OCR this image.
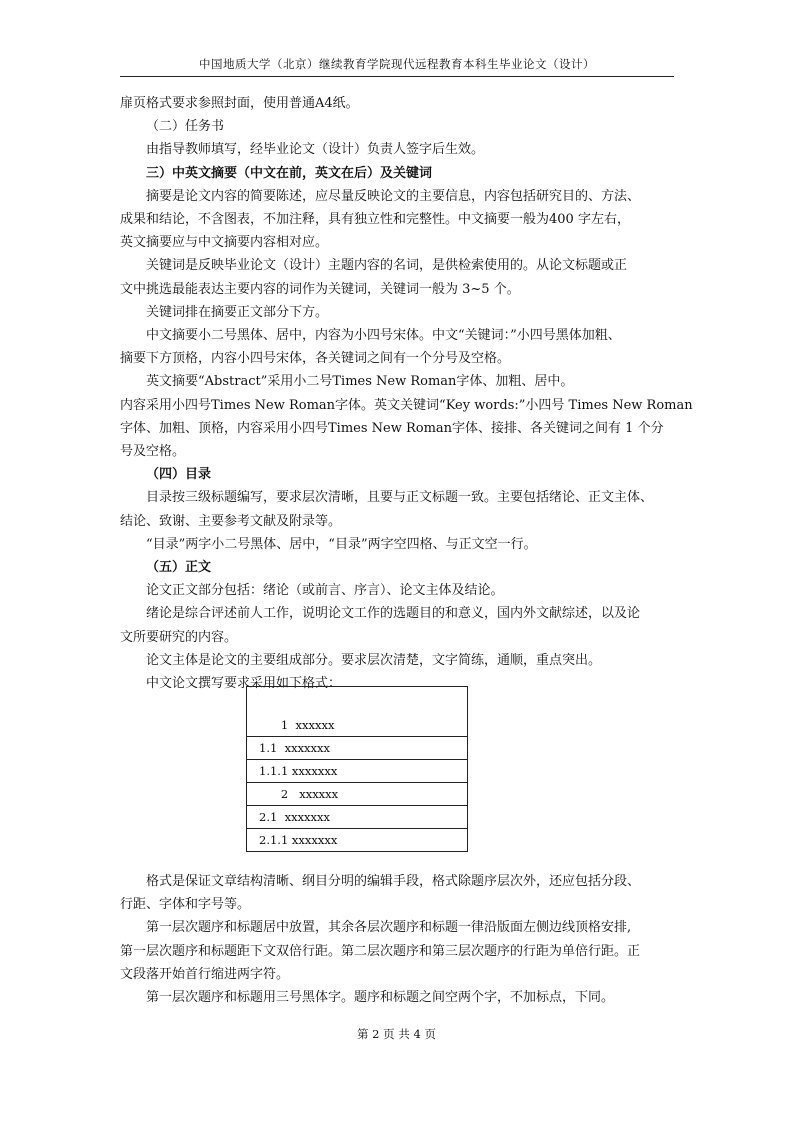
中国地质大学（北京）继续教育学院现代远程教育本科生毕业论文（设计）
扉页格式要求参照封面，使用普通A4纸。
（二）任务书
由指导教师填写，经毕业论文（设计）负责人签字后生效。
三）中英文摘要（中文在前，英文在后）及关键词
摘要是论文内容的简要陈述，应尽量反映论文的主要信息，内容包括研究目的、方法、
成果和结论，不含图表，不加注释，具有独立性和完整性。中文摘要一般为400 字左右，
英文摘要应与中文摘要内容相对应。
关键词是反映毕业论文（设计）主题内容的名词，是供检索使用的。从论文标题或正
文中挑选最能表达主要内容的词作为关键词，关键词一般为 3~5 个。
关键词排在摘要正文部分下方。
中文摘要小二号黑体、居中，内容为小四号宋体。中文“关键词：”小四号黑体加粗、
摘要下方顶格，内容小四号宋体，各关键词之间有一个分号及空格。
英文摘要“Abstract”采用小二号Times New Roman字体、加粗、居中。
内容采用小四号Times New Roman字体。英文关键词“Key words:”小四号 Times New Roman
字体、加粗、顶格，内容采用小四号Times New Roman字体、接排、各关键词之间有 1 个分
号及空格。
（四）目录
目录按三级标题编写，要求层次清晰，且要与正文标题一致。主要包括绪论、正文主体、
结论、致谢、主要参考文献及附录等。
“目录”两字小二号黑体、居中，“目录”两字空四格、与正文空一行。
（五）正文
论文正文部分包括：绪论（或前言、序言）、论文主体及结论。
绪论是综合评述前人工作，说明论文工作的选题目的和意义，国内外文献综述，以及论
文所要研究的内容。
论文主体是论文的主要组成部分。要求层次清楚，文字简练，通顺，重点突出。
中文论文撰写要求采用如下格式：
1  xxxxxx
1.1  xxxxxxx
1.1.1 xxxxxxx
2   xxxxxx
2.1  xxxxxxx
2.1.1 xxxxxxx
格式是保证文章结构清晰、纲目分明的编辑手段，格式除题序层次外，还应包括分段、
行距、字体和字号等。
第一层次题序和标题居中放置，其余各层次题序和标题一律沿版面左侧边线顶格安排,
第一层次题序和标题距下文双倍行距。第二层次题序和第三层次题序的行距为单倍行距。正
文段落开始首行缩进两字符。
第一层次题序和标题用三号黑体字。题序和标题之间空两个字，不加标点，下同。
第 2 页 共 4 页
